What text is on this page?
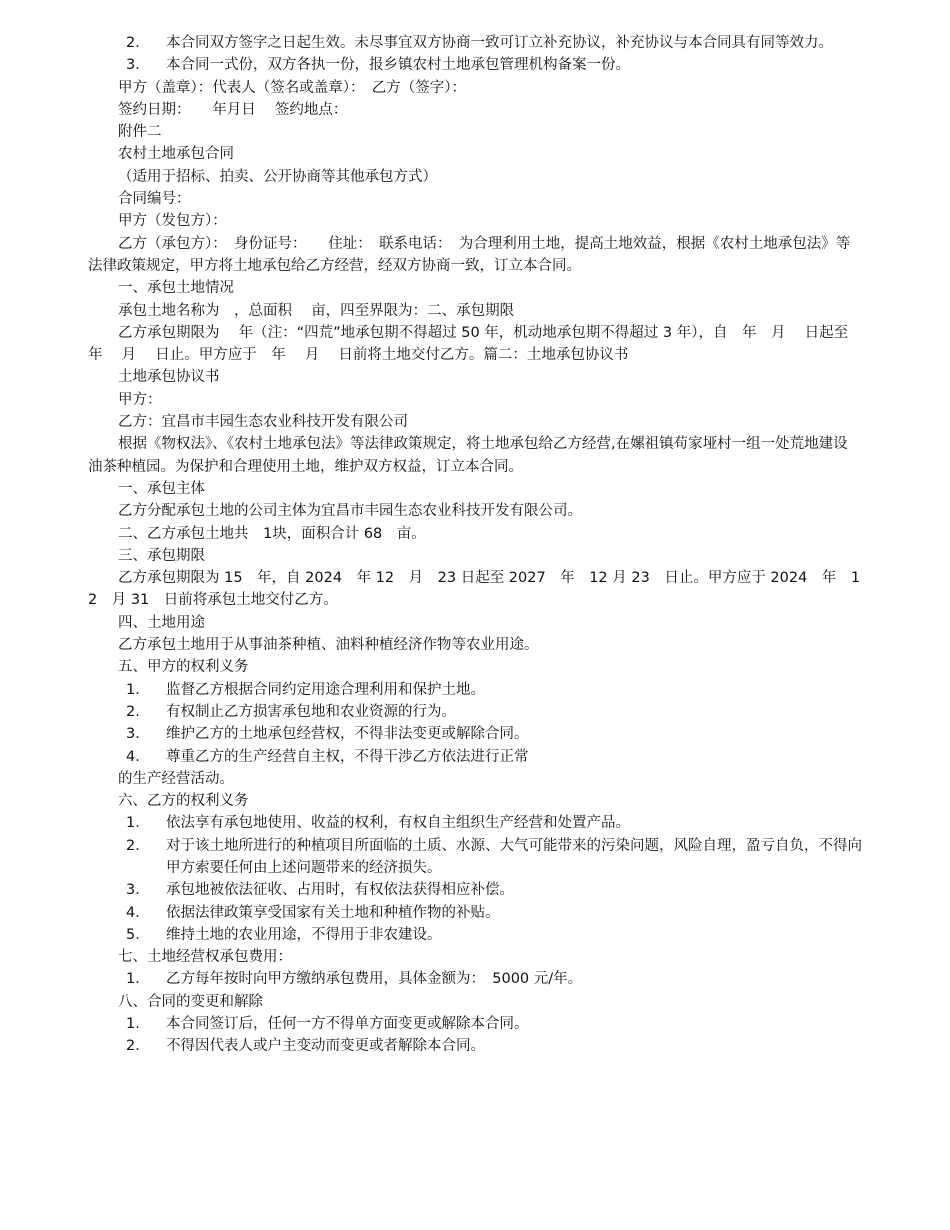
2．	本合同双方签字之日起生效。未尽事宜双方协商一致可订立补充协议，补充协议与本合同具有同等效力。
3．	本合同一式份，双方各执一份，报乡镇农村土地承包管理机构备案一份。

甲方（盖章）：代表人（签名或盖章）：　乙方（签字）：

签约日期：　　年月日　 签约地点：

附件二

农村土地承包合同

（适用于招标、拍卖、公开协商等其他承包方式）

合同编号：

甲方（发包方）：

乙方（承包方）：　身份证号：　　住址：　联系电话：　为合理利用土地，提高土地效益，根据《农村土地承包法》等法律政策规定，甲方将土地承包给乙方经营，经双方协商一致，订立本合同。

一、承包土地情况

承包土地名称为　，总面积　 亩，四至界限为：二、承包期限

乙方承包期限为　 年（注：“四荒”地承包期不得超过 50 年，机动地承包期不得超过 3 年），自　年　月　 日起至　年　 月　 日止。甲方应于　年　 月　 日前将土地交付乙方。篇二：土地承包协议书

土地承包协议书

甲方：

乙方：宜昌市丰园生态农业科技开发有限公司

根据《物权法》、《农村土地承包法》等法律政策规定，将土地承包给乙方经营,在嫘祖镇苟家垭村一组一处荒地建设油茶种植园。为保护和合理使用土地，维护双方权益，订立本合同。

一、承包主体

乙方分配承包土地的公司主体为宜昌市丰园生态农业科技开发有限公司。

二、乙方承包土地共　1块，面积合计 68　亩。

三、承包期限

乙方承包期限为 15　年，自 2024　年 12　月　23 日起至 2027　年　12 月 23　日止。甲方应于 2024　年　12　月 31　日前将承包土地交付乙方。

四、土地用途

乙方承包土地用于从事油茶种植、油料种植经济作物等农业用途。

五、甲方的权利义务

1．	监督乙方根据合同约定用途合理利用和保护土地。
2．	有权制止乙方损害承包地和农业资源的行为。
3．	维护乙方的土地承包经营权，不得非法变更或解除合同。
4．	尊重乙方的生产经营自主权，不得干涉乙方依法进行正常

的生产经营活动。

六、乙方的权利义务

1．	依法享有承包地使用、收益的权利，有权自主组织生产经营和处置产品。
2．	对于该土地所进行的种植项目所面临的土质、水源、大气可能带来的污染问题，风险自理，盈亏自负，不得向甲方索要任何由上述问题带来的经济损失。
3．	承包地被依法征收、占用时，有权依法获得相应补偿。
4．	依据法律政策享受国家有关土地和种植作物的补贴。
5．	维持土地的农业用途，不得用于非农建设。

七、土地经营权承包费用：

1．	乙方每年按时向甲方缴纳承包费用，具体金额为：　5000 元/年。

八、合同的变更和解除

1．	本合同签订后，任何一方不得单方面变更或解除本合同。
2．	不得因代表人或户主变动而变更或者解除本合同。
